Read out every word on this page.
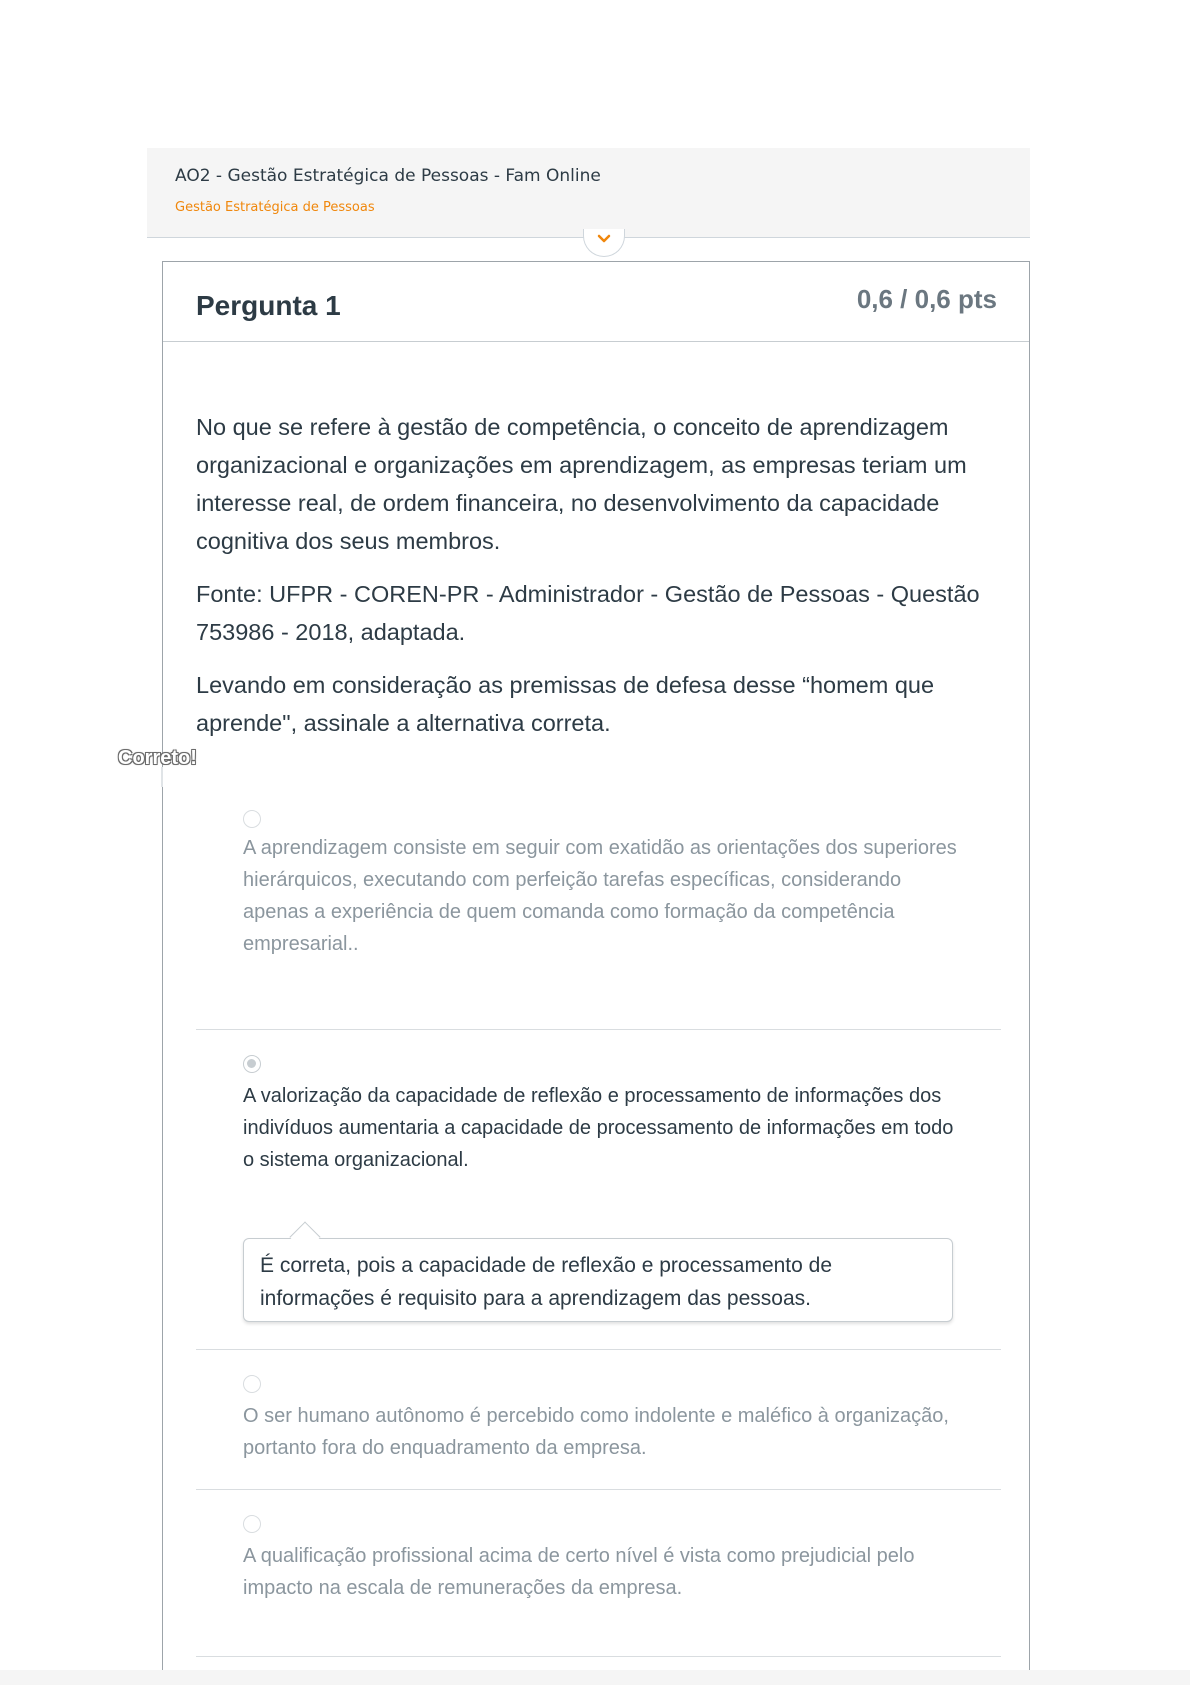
AO2 - Gestão Estratégica de Pessoas - Fam Online
Gestão Estratégica de Pessoas
Pergunta 1	0,6 / 0,6 pts

No que se refere à gestão de competência, o conceito de aprendizagem organizacional e organizações em aprendizagem, as empresas teriam um interesse real, de ordem financeira, no desenvolvimento da capacidade cognitiva dos seus membros.

Fonte: UFPR - COREN-PR - Administrador - Gestão de Pessoas - Questão 753986 - 2018, adaptada.

Levando em consideração as premissas de defesa desse “homem que aprende", assinale a alternativa correta.

A aprendizagem consiste em seguir com exatidão as orientações dos superiores hierárquicos, executando com perfeição tarefas específicas, considerando apenas a experiência de quem comanda como formação da competência empresarial..
A valorização da capacidade de reflexão e processamento de informações dos indivíduos aumentaria a capacidade de processamento de informações em todo o sistema organizacional.
É correta, pois a capacidade de reflexão e processamento de informações é requisito para a aprendizagem das pessoas.
O ser humano autônomo é percebido como indolente e maléfico à organização, portanto fora do enquadramento da empresa.
A qualificação profissional acima de certo nível é vista como prejudicial pelo impacto na escala de remunerações da empresa.
Correto!
